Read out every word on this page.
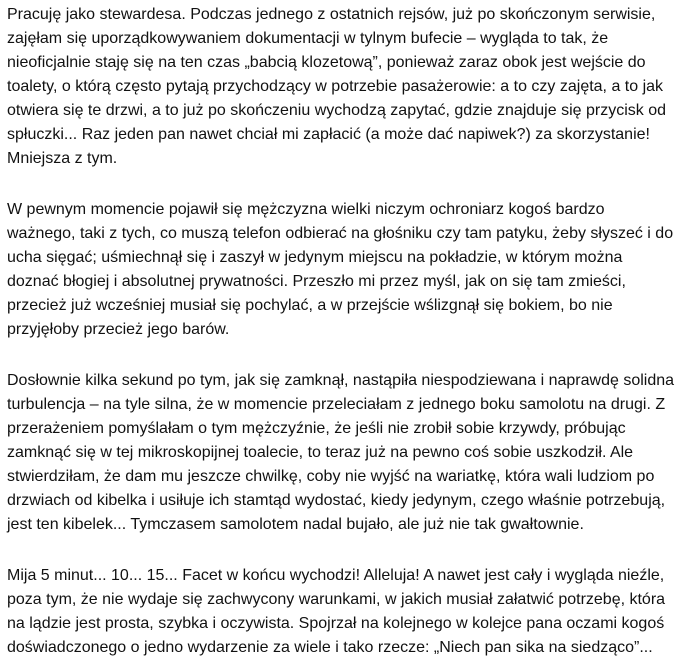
Pracuję jako stewardesa. Podczas jednego z ostatnich rejsów, już po skończonym serwisie,
zajęłam się uporządkowywaniem dokumentacji w tylnym bufecie – wygląda to tak, że
nieoficjalnie staję się na ten czas „babcią klozetową”, ponieważ zaraz obok jest wejście do
toalety, o którą często pytają przychodzący w potrzebie pasażerowie: a to czy zajęta, a to jak
otwiera się te drzwi, a to już po skończeniu wychodzą zapytać, gdzie znajduje się przycisk od
spłuczki... Raz jeden pan nawet chciał mi zapłacić (a może dać napiwek?) za skorzystanie!
Mniejsza z tym.
W pewnym momencie pojawił się mężczyzna wielki niczym ochroniarz kogoś bardzo
ważnego, taki z tych, co muszą telefon odbierać na głośniku czy tam patyku, żeby słyszeć i do
ucha sięgać; uśmiechnął się i zaszył w jedynym miejscu na pokładzie, w którym można
doznać błogiej i absolutnej prywatności. Przeszło mi przez myśl, jak on się tam zmieści,
przecież już wcześniej musiał się pochylać, a w przejście wślizgnął się bokiem, bo nie
przyjęłoby przecież jego barów.
Dosłownie kilka sekund po tym, jak się zamknął, nastąpiła niespodziewana i naprawdę solidna
turbulencja – na tyle silna, że w momencie przeleciałam z jednego boku samolotu na drugi. Z
przerażeniem pomyślałam o tym mężczyźnie, że jeśli nie zrobił sobie krzywdy, próbując
zamknąć się w tej mikroskopijnej toalecie, to teraz już na pewno coś sobie uszkodził. Ale
stwierdziłam, że dam mu jeszcze chwilkę, coby nie wyjść na wariatkę, która wali ludziom po
drzwiach od kibelka i usiłuje ich stamtąd wydostać, kiedy jedynym, czego właśnie potrzebują,
jest ten kibelek... Tymczasem samolotem nadal bujało, ale już nie tak gwałtownie.
Mija 5 minut... 10... 15... Facet w końcu wychodzi! Alleluja! A nawet jest cały i wygląda nieźle,
poza tym, że nie wydaje się zachwycony warunkami, w jakich musiał załatwić potrzebę, która
na lądzie jest prosta, szybka i oczywista. Spojrzał na kolejnego w kolejce pana oczami kogoś
doświadczonego o jedno wydarzenie za wiele i tako rzecze: „Niech pan sika na siedząco”...
